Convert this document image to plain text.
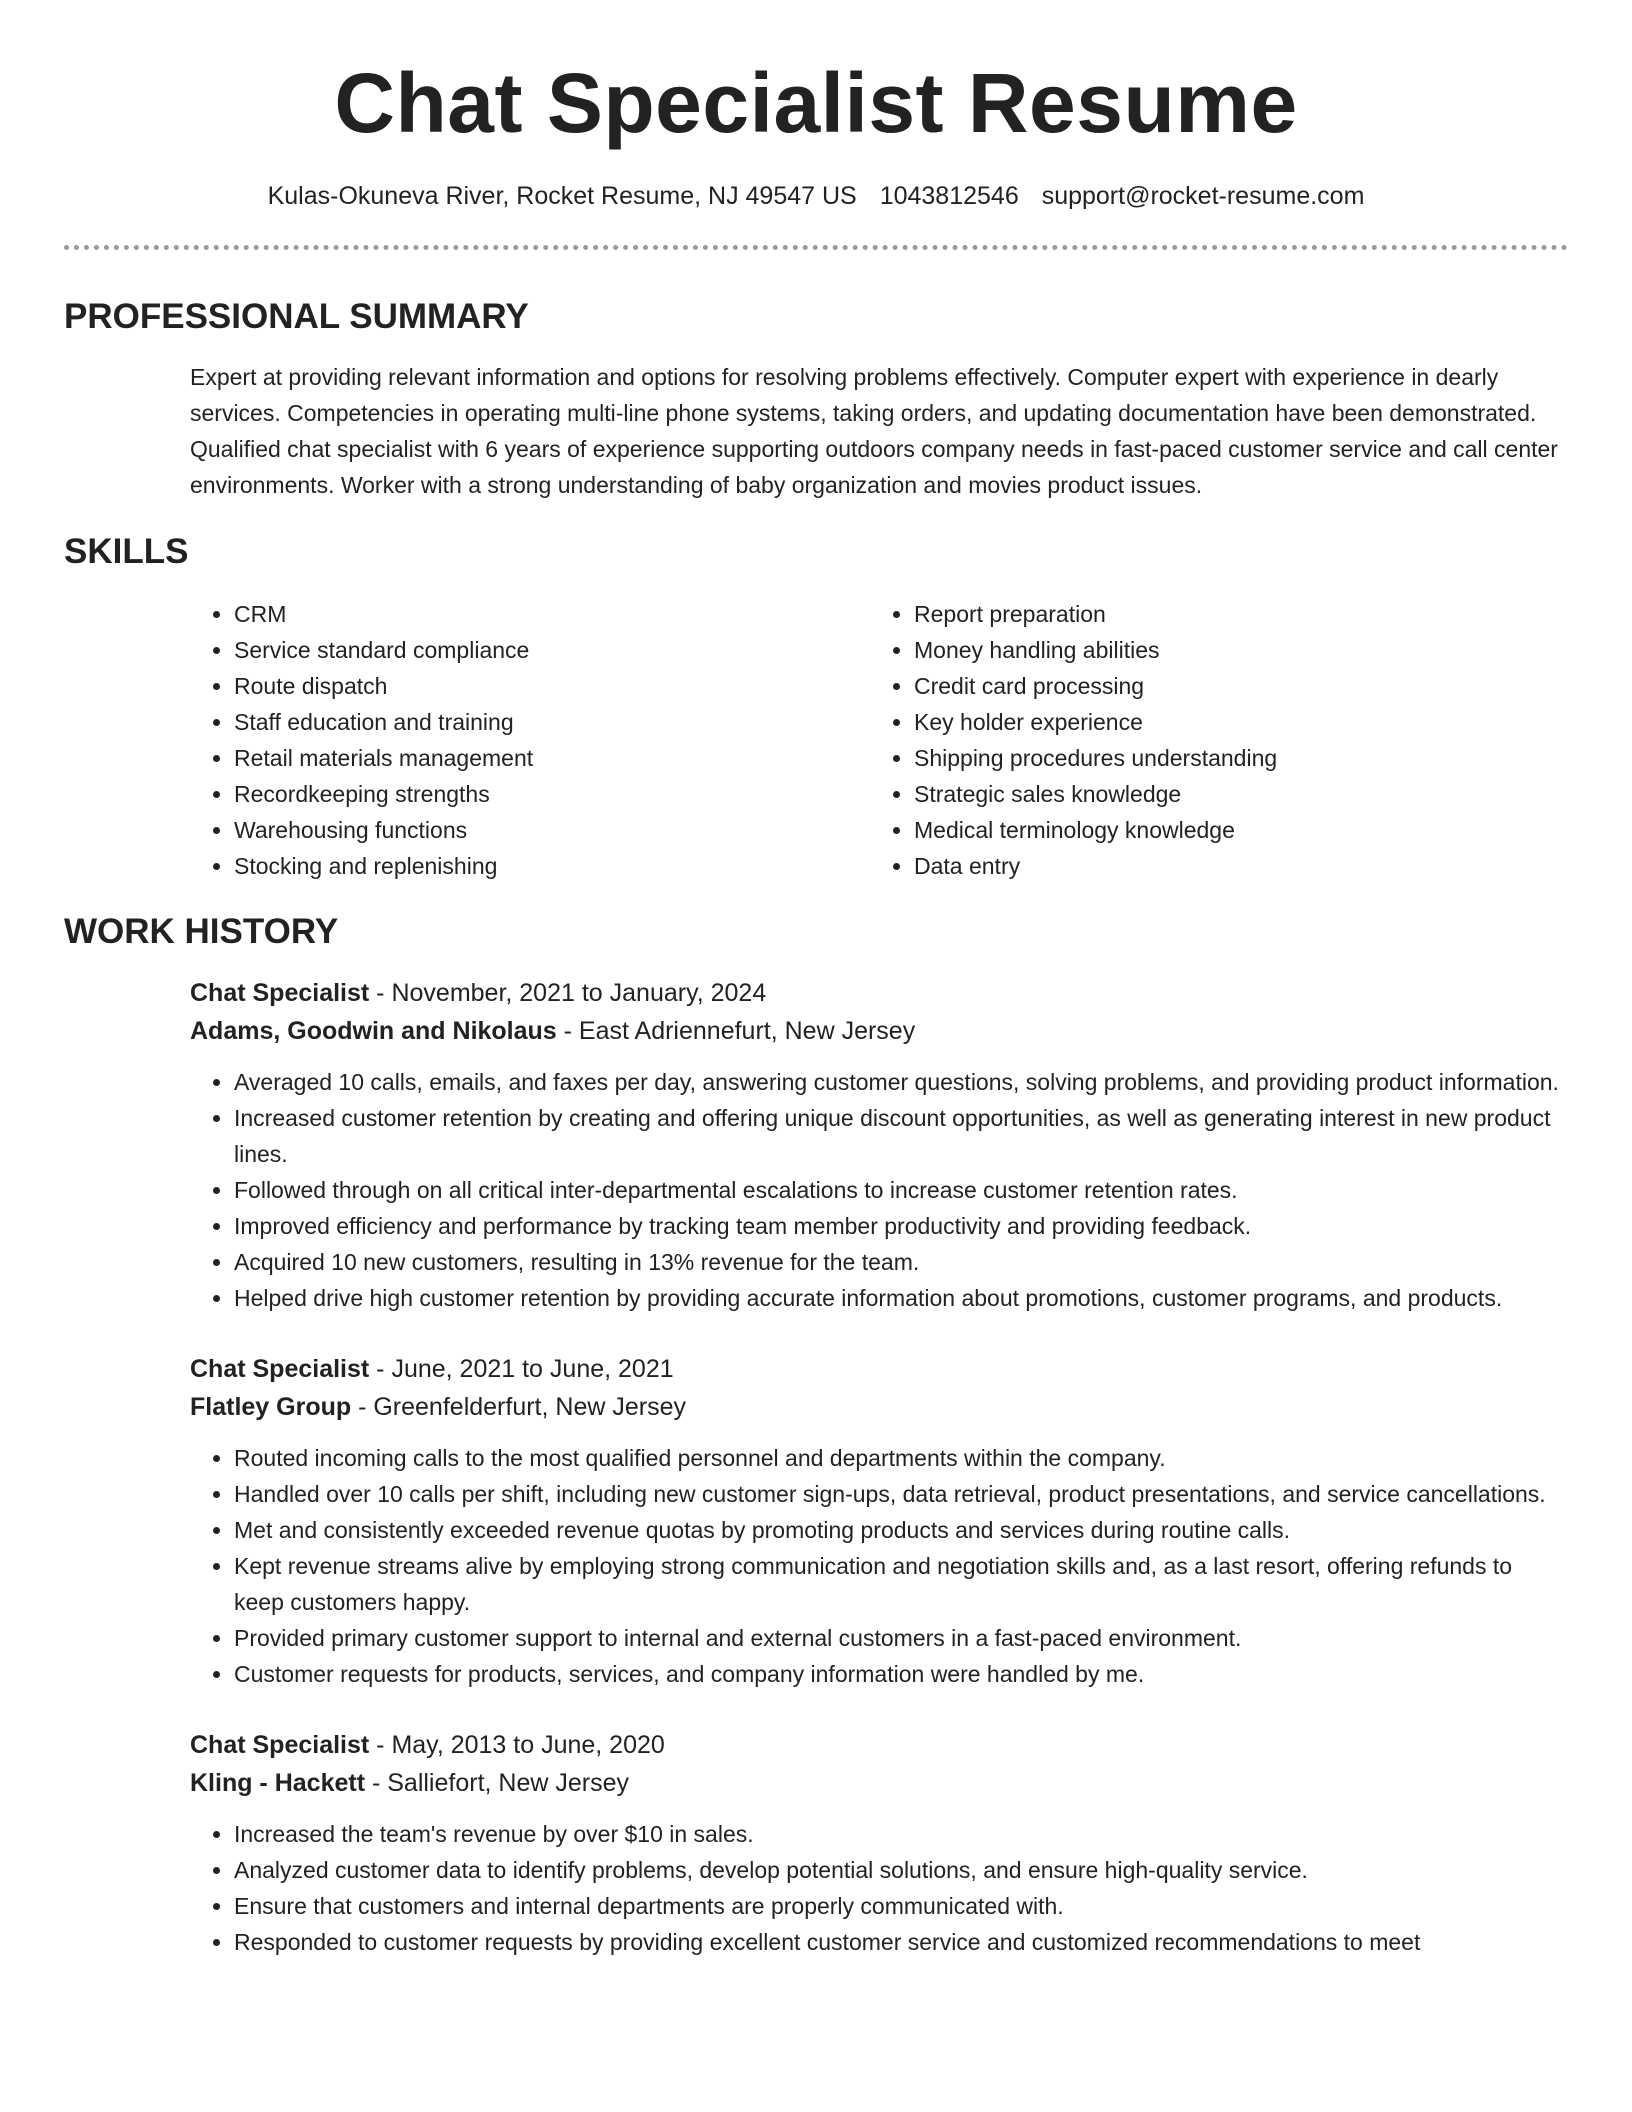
Chat Specialist Resume
Kulas-Okuneva River, Rocket Resume, NJ 49547 US 1043812546 support@rocket-resume.com
PROFESSIONAL SUMMARY
Expert at providing relevant information and options for resolving problems effectively. Computer expert with experience in dearly services. Competencies in operating multi-line phone systems, taking orders, and updating documentation have been demonstrated. Qualified chat specialist with 6 years of experience supporting outdoors company needs in fast-paced customer service and call center environments. Worker with a strong understanding of baby organization and movies product issues.
SKILLS
• CRM
• Service standard compliance
• Route dispatch
• Staff education and training
• Retail materials management
• Recordkeeping strengths
• Warehousing functions
• Stocking and replenishing
• Report preparation
• Money handling abilities
• Credit card processing
• Key holder experience
• Shipping procedures understanding
• Strategic sales knowledge
• Medical terminology knowledge
• Data entry
WORK HISTORY
Chat Specialist - November, 2021 to January, 2024
Adams, Goodwin and Nikolaus - East Adriennefurt, New Jersey
• Averaged 10 calls, emails, and faxes per day, answering customer questions, solving problems, and providing product information.
• Increased customer retention by creating and offering unique discount opportunities, as well as generating interest in new product lines.
• Followed through on all critical inter-departmental escalations to increase customer retention rates.
• Improved efficiency and performance by tracking team member productivity and providing feedback.
• Acquired 10 new customers, resulting in 13% revenue for the team.
• Helped drive high customer retention by providing accurate information about promotions, customer programs, and products.
Chat Specialist - June, 2021 to June, 2021
Flatley Group - Greenfelderfurt, New Jersey
• Routed incoming calls to the most qualified personnel and departments within the company.
• Handled over 10 calls per shift, including new customer sign-ups, data retrieval, product presentations, and service cancellations.
• Met and consistently exceeded revenue quotas by promoting products and services during routine calls.
• Kept revenue streams alive by employing strong communication and negotiation skills and, as a last resort, offering refunds to keep customers happy.
• Provided primary customer support to internal and external customers in a fast-paced environment.
• Customer requests for products, services, and company information were handled by me.
Chat Specialist - May, 2013 to June, 2020
Kling - Hackett - Salliefort, New Jersey
• Increased the team's revenue by over $10 in sales.
• Analyzed customer data to identify problems, develop potential solutions, and ensure high-quality service.
• Ensure that customers and internal departments are properly communicated with.
• Responded to customer requests by providing excellent customer service and customized recommendations to meet
